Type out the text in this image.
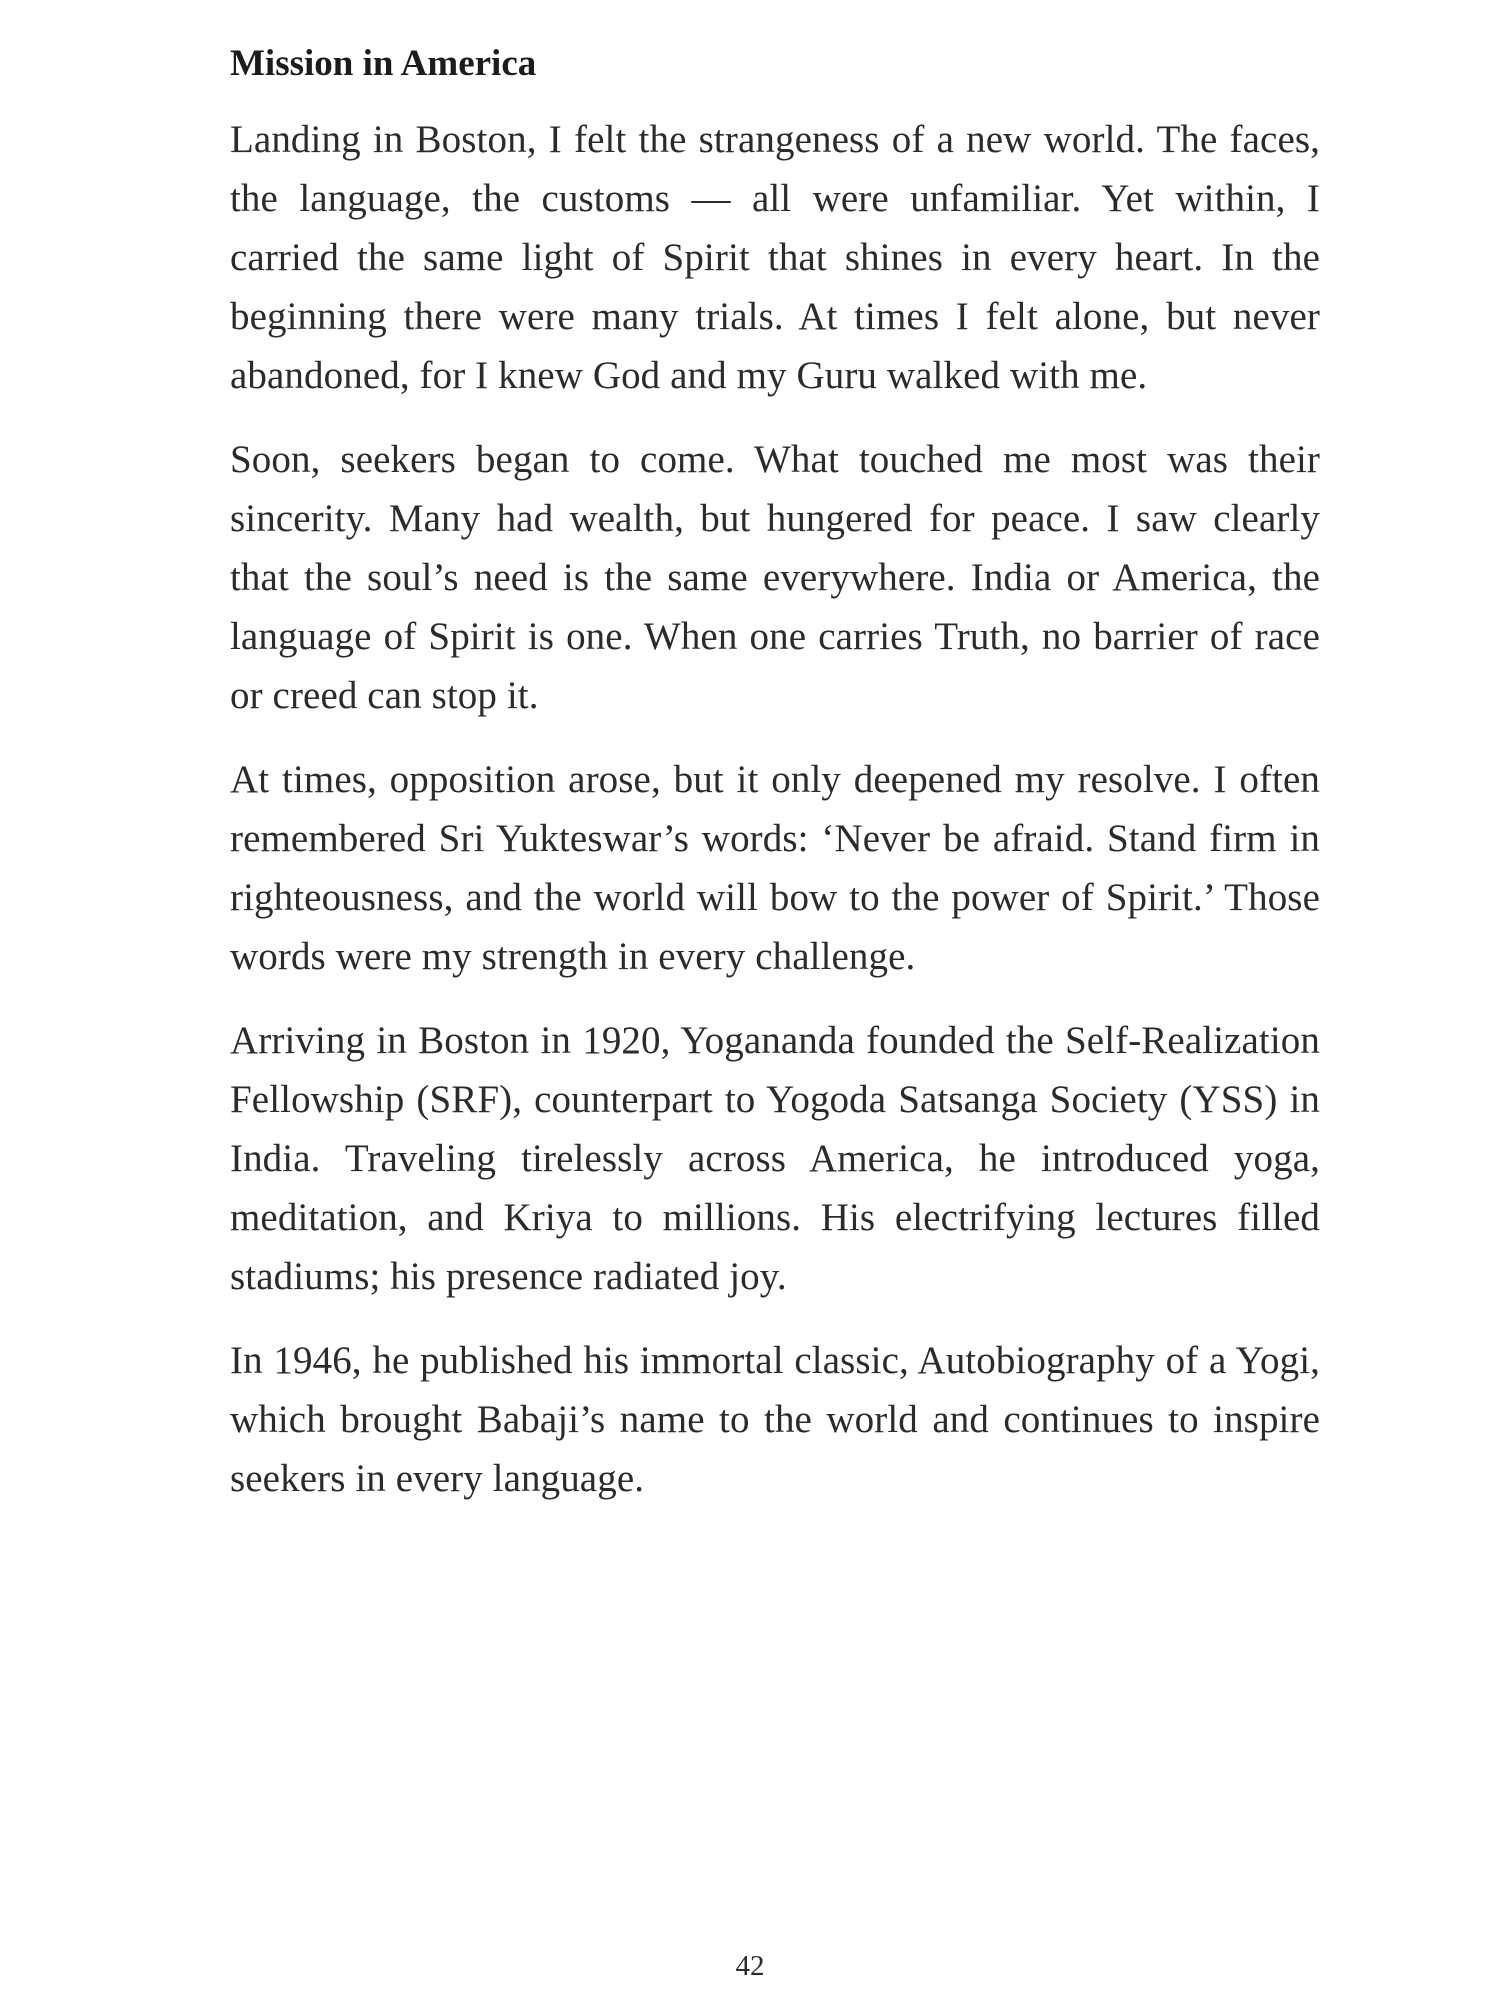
Mission in America

Landing in Boston, I felt the strangeness of a new world. The faces, the language, the customs — all were unfamiliar. Yet within, I carried the same light of Spirit that shines in every heart. In the beginning there were many trials. At times I felt alone, but never abandoned, for I knew God and my Guru walked with me.

Soon, seekers began to come. What touched me most was their sincerity. Many had wealth, but hungered for peace. I saw clearly that the soul’s need is the same everywhere. India or America, the language of Spirit is one. When one carries Truth, no barrier of race or creed can stop it.

At times, opposition arose, but it only deepened my resolve. I often remembered Sri Yukteswar’s words: ‘Never be afraid. Stand firm in righteousness, and the world will bow to the power of Spirit.’ Those words were my strength in every challenge.

Arriving in Boston in 1920, Yogananda founded the Self-Realization Fellowship (SRF), counterpart to Yogoda Satsanga Society (YSS) in India. Traveling tirelessly across America, he introduced yoga, meditation, and Kriya to millions. His electrifying lectures filled stadiums; his presence radiated joy.

In 1946, he published his immortal classic, Autobiography of a Yogi, which brought Babaji’s name to the world and continues to inspire seekers in every language.

42
